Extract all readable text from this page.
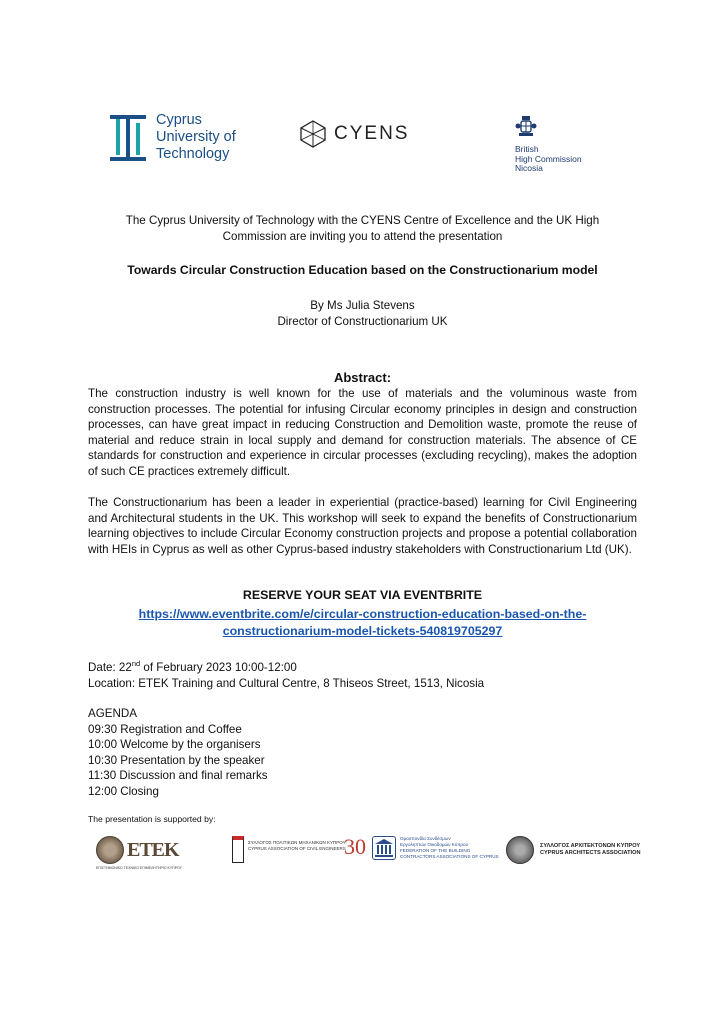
Cyprus
University of
Technology
CYENS
British
High Commission
Nicosia
The Cyprus University of Technology with the CYENS Centre of Excellence and the UK High
Commission are inviting you to attend the presentation
Towards Circular Construction Education based on the Constructionarium model
By Ms Julia Stevens
Director of Constructionarium UK
Abstract:
The construction industry is well known for the use of materials and the voluminous waste from construction processes. The potential for infusing Circular economy principles in design and construction processes, can have great impact in reducing Construction and Demolition waste, promote the reuse of material and reduce strain in local supply and demand for construction materials. The absence of CE standards for construction and experience in circular processes (excluding recycling), makes the adoption of such CE practices extremely difficult.
The Constructionarium has been a leader in experiential (practice-based) learning for Civil Engineering and Architectural students in the UK. This workshop will seek to expand the benefits of Constructionarium learning objectives to include Circular Economy construction projects and propose a potential collaboration with HEIs in Cyprus as well as other Cyprus-based industry stakeholders with Constructionarium Ltd (UK).
RESERVE YOUR SEAT VIA EVENTBRITE
https://www.eventbrite.com/e/circular-construction-education-based-on-the-
constructionarium-model-tickets-540819705297
Date: 22nd of February 2023 10:00-12:00
Location: ETEK Training and Cultural Centre, 8 Thiseos Street, 1513, Nicosia
AGENDA
09:30 Registration and Coffee
10:00 Welcome by the organisers
10:30 Presentation by the speaker
11:30 Discussion and final remarks
12:00 Closing
The presentation is supported by:
ΕΤΕΚ
ΕΠΙΣΤΗΜΟΝΙΚΟ ΤΕΧΝΙΚΟ ΕΠΙΜΕΛΗΤΗΡΙΟ ΚΥΠΡΟΥ
ΣΥΛΛΟΓΟΣ ΠΟΛΙΤΙΚΩΝ ΜΗΧΑΝΙΚΩΝ ΚΥΠΡΟΥ
CYPRUS ASSOCIATION OF CIVIL ENGINEERS
30	Ομοσπονδία Συνδέσμων
Εργοληπτών Οικοδομών Κύπρου
FEDERATION OF THE BUILDING
CONTRACTORS ASSOCIATIONS OF CYPRUS
ΣΥΛΛΟΓΟΣ ΑΡΧΙΤΕΚΤΟΝΩΝ ΚΥΠΡΟΥ
CYPRUS ARCHITECTS ASSOCIATION
